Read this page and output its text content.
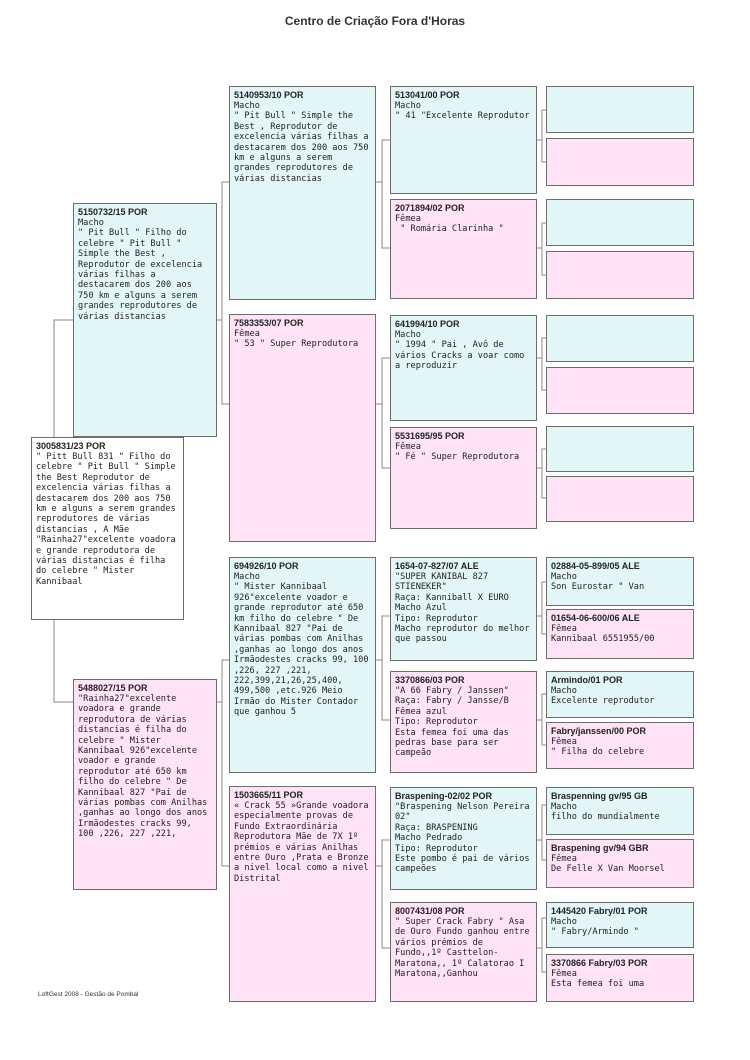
Centro de Criação Fora d'Horas
3005831/23 POR
" Pitt Bull 831 " Filho do celebre " Pit Bull " Simple the Best Reprodutor de excelencia várias filhas a destacarem dos 200 aos 750 km e alguns a serem grandes reprodutores de várias distancias , A Mãe "Rainha27"excelente voadora e grande reprodutora de várias distancias é filha do celebre " Mister Kannibaal
5150732/15 POR
Macho
" Pit Bull " Filho do celebre " Pit Bull " Simple the Best , Reprodutor de excelencia várias filhas a destacarem dos 200 aos 750 km e alguns a serem grandes reprodutores de várias distancias
5488027/15 POR
"Rainha27"excelente voadora e grande reprodutora de várias distancias é filha do celebre " Mister Kannibaal 926"excelente voador e grande reprodutor até 650 km filho do celebre " De Kannibaal 827 "Pai de várias pombas com Anilhas ,ganhas ao longo dos anos Irmãodestes cracks 99, 100 ,226, 227 ,221,
5140953/10 POR
Macho
" Pit Bull " Simple the Best , Reprodutor de excelencia várias filhas a destacarem dos 200 aos 750 km e alguns a serem grandes reprodutores de várias distancias
7583353/07 POR
Fêmea
" 53 " Super Reprodutora
694926/10 POR
Macho
" Mister Kannibaal 926"excelente voador e grande reprodutor até 650 km filho do celebre " De Kannibaal 827 "Pai de várias pombas com Anilhas ,ganhas ao longo dos anos Irmãodestes cracks 99, 100 ,226, 227 ,221, 222,399,21,26,25,400, 499,500 ,etc.926 Meio Irmão do Mister Contador que ganhou 5
1503665/11 POR
« Crack 55 »Grande voadora especialmente provas de Fundo Extraordinária Reprodutora Mãe de 7X 1º prémios e várias Anilhas entre Ouro ,Prata e Bronze a nivel local como a nivel Distrital
513041/00 POR
Macho
" 41 "Excelente Reprodutor
2071894/02 POR
Fêmea
" Romária Clarinha "
641994/10 POR
Macho
" 1994 " Pai , Avô de vários Cracks a voar como a reproduzir
5531695/95 POR
Fêmea
" Fé " Super Reprodutora
1654-07-827/07 ALE
"SUPER KANIBAL 827 STIENEKER"
Raça: Kanniball X EURO
Macho Azul
Tipo: Reprodutor
Macho reprodutor do melhor que passou
3370866/03 POR
"A 66 Fabry / Janssen"
Raça: Fabry / Jansse/B
Fêmea azul
Tipo: Reprodutor
Esta femea foi uma das pedras base para ser campeão
Braspening-02/02 POR
"Braspening Nelson Pereira 02"
Raça: BRASPENING
Macho Pedrado
Tipo: Reprodutor
Este pombo é pai de vários campeões
8007431/08 POR
" Super Crack Fabry " Asa de Ouro Fundo ganhou entre vários prémios de Fundo,,1º Casttelon-Maratona,, 1º Calatorao I Maratona,,Ganhou
02884-05-899/05 ALE
Macho
Son Eurostar " Van
01654-06-600/06 ALE
Fêmea
Kannibaal 6551955/00
Armindo/01 POR
Macho
Excelente reprodutor
Fabry/janssen/00 POR
Fêmea
" Filha do celebre
Braspenning gv/95 GB
Macho
filho do mundialmente
Braspening gv/94 GBR
Fêmea
De Felle X Van Moorsel
1445420 Fabry/01 POR
Macho
" Fabry/Armindo "
3370866 Fabry/03 POR
Fêmea
Esta femea foi uma
LoftGest 2008 - Gestão de Pombal
